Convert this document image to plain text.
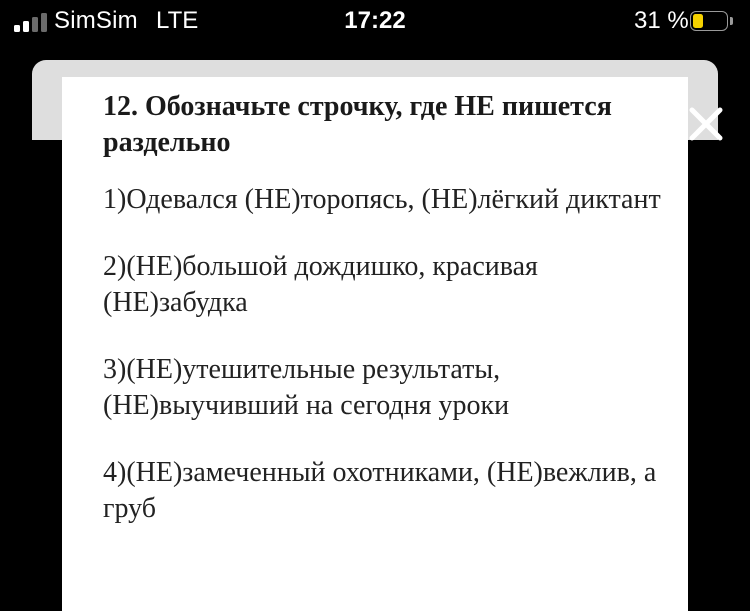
SimSim LTE	17:22	31 %
12. Обозначьте строчку, где НЕ пишется раздельно
1)Одевался (НЕ)торопясь, (НЕ)лёгкий диктант
2)(НЕ)большой дождишко, красивая (НЕ)забудка
3)(НЕ)утешительные результаты, (НЕ)выучивший на сегодня уроки
4)(НЕ)замеченный охотниками, (НЕ)вежлив, а груб
